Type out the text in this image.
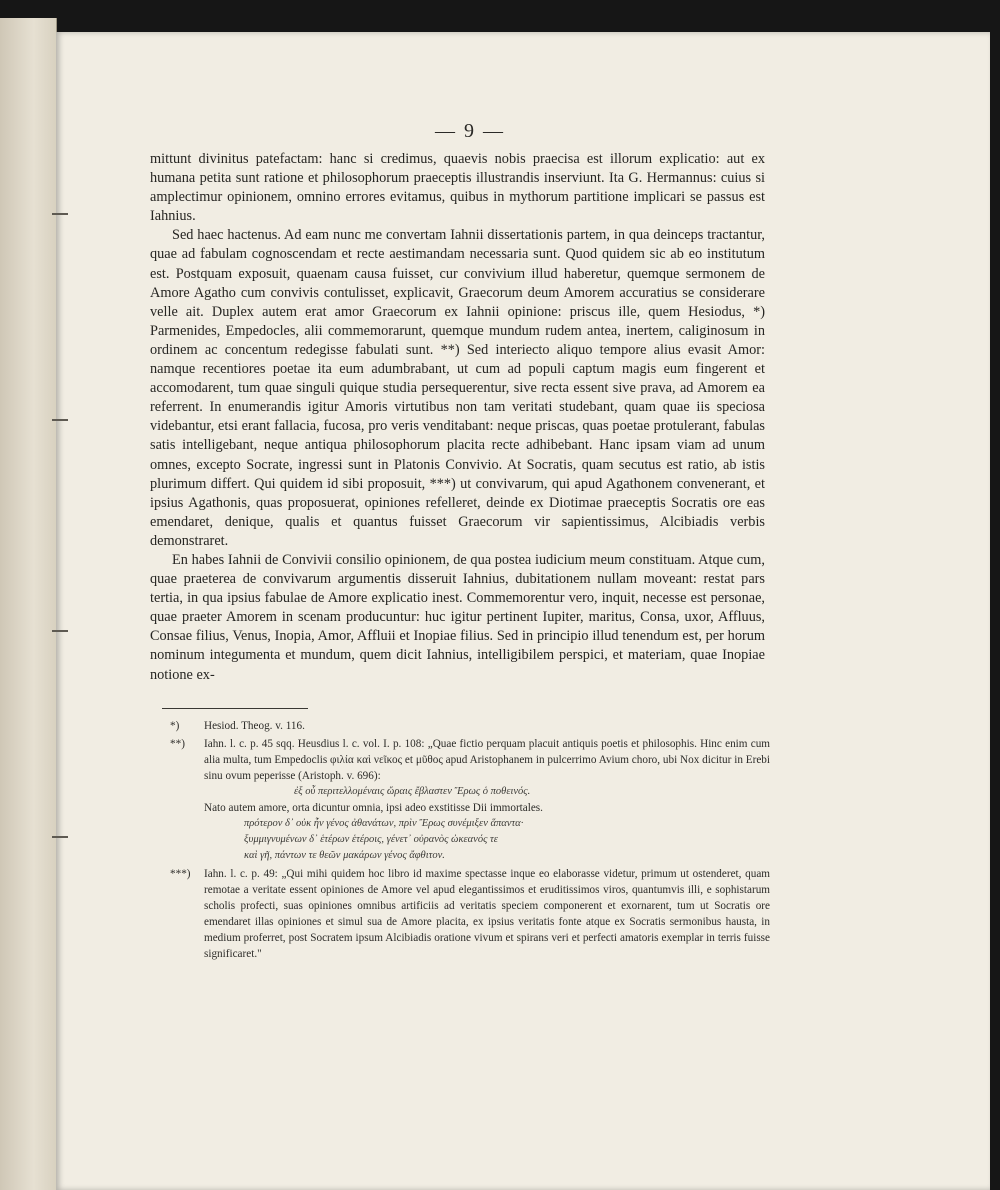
— 9 —

mittunt divinitus patefactam: hanc si credimus, quaevis nobis praecisa est illorum explicatio: aut ex humana petita sunt ratione et philosophorum praeceptis illustrandis inserviunt. Ita G. Hermannus: cuius si amplectimur opinionem, omnino errores evitamus, quibus in mythorum partitione implicari se passus est Iahnius.

Sed haec hactenus. Ad eam nunc me convertam Iahnii dissertationis partem, in qua deinceps tractantur, quae ad fabulam cognoscendam et recte aestimandam necessaria sunt. Quod quidem sic ab eo institutum est. Postquam exposuit, quaenam causa fuisset, cur convivium illud haberetur, quemque sermonem de Amore Agatho cum convivis contulisset, explicavit, Graecorum deum Amorem accuratius se considerare velle ait. Duplex autem erat amor Graecorum ex Iahnii opinione: priscus ille, quem Hesiodus, *) Parmenides, Empedocles, alii commemorarunt, quemque mundum rudem antea, inertem, caliginosum in ordinem ac concentum redegisse fabulati sunt. **) Sed interiecto aliquo tempore alius evasit Amor: namque recentiores poetae ita eum adumbrabant, ut cum ad populi captum magis eum fingerent et accomodarent, tum quae singuli quique studia persequerentur, sive recta essent sive prava, ad Amorem ea referrent. In enumerandis igitur Amoris virtutibus non tam veritati studebant, quam quae iis speciosa videbantur, etsi erant fallacia, fucosa, pro veris venditabant: neque priscas, quas poetae protulerant, fabulas satis intelligebant, neque antiqua philosophorum placita recte adhibebant. Hanc ipsam viam ad unum omnes, excepto Socrate, ingressi sunt in Platonis Convivio. At Socratis, quam secutus est ratio, ab istis plurimum differt. Qui quidem id sibi proposuit, ***) ut convivarum, qui apud Agathonem convenerant, et ipsius Agathonis, quas proposuerat, opiniones refelleret, deinde ex Diotimae praeceptis Socratis ore eas emendaret, denique, qualis et quantus fuisset Graecorum vir sapientissimus, Alcibiadis verbis demonstraret.

En habes Iahnii de Convivii consilio opinionem, de qua postea iudicium meum constituam. Atque cum, quae praeterea de convivarum argumentis disseruit Iahnius, dubitationem nullam moveant: restat pars tertia, in qua ipsius fabulae de Amore explicatio inest. Commemorentur vero, inquit, necesse est personae, quae praeter Amorem in scenam producuntur: huc igitur pertinent Iupiter, maritus, Consa, uxor, Affluus, Consae filius, Venus, Inopia, Amor, Affluii et Inopiae filius. Sed in principio illud tenendum est, per horum nominum integumenta et mundum, quem dicit Iahnius, intelligibilem perspici, et materiam, quae Inopiae notione ex-

*) Hesiod. Theog. v. 116.
**) Iahn. l. c. p. 45 sqq. Heusdius l. c. vol. I. p. 108: „Quae fictio perquam placuit antiquis poetis et philosophis. Hinc enim cum alia multa, tum Empedoclis φιλία καὶ νεῖκος et μῦθος apud Aristophanem in pulcerrimo Avium choro, ubi Nox dicitur in Erebi sinu ovum peperisse (Aristoph. v. 696):
ἐξ οὗ περιτελλομέναις ὥραις ἔβλαστεν Ἔρως ὁ ποθεινός.
Nato autem amore, orta dicuntur omnia, ipsi adeo exstitisse Dii immortales.
πρότερον δ᾽ οὐκ ἦν γένος ἀθανάτων, πρὶν Ἔρως συνέμιξεν ἅπαντα·
ξυμμιγνυμένων δ᾽ ἑτέρων ἑτέροις, γένετ᾽ οὐρανὸς ὠκεανός τε
καὶ γῆ, πάντων τε θεῶν μακάρων γένος ἄφθιτον.
***) Iahn. l. c. p. 49: „Qui mihi quidem hoc libro id maxime spectasse inque eo elaborasse videtur, primum ut ostenderet, quam remotae a veritate essent opiniones de Amore vel apud elegantissimos et eruditissimos viros, quantumvis illi, e sophistarum scholis profecti, suas opiniones omnibus artificiis ad veritatis speciem componerent et exornarent, tum ut Socratis ore emendaret illas opiniones et simul sua de Amore placita, ex ipsius veritatis fonte atque ex Socratis sermonibus hausta, in medium proferret, post Socratem ipsum Alcibiadis oratione vivum et spirans veri et perfecti amatoris exemplar in terris fuisse significaret."
